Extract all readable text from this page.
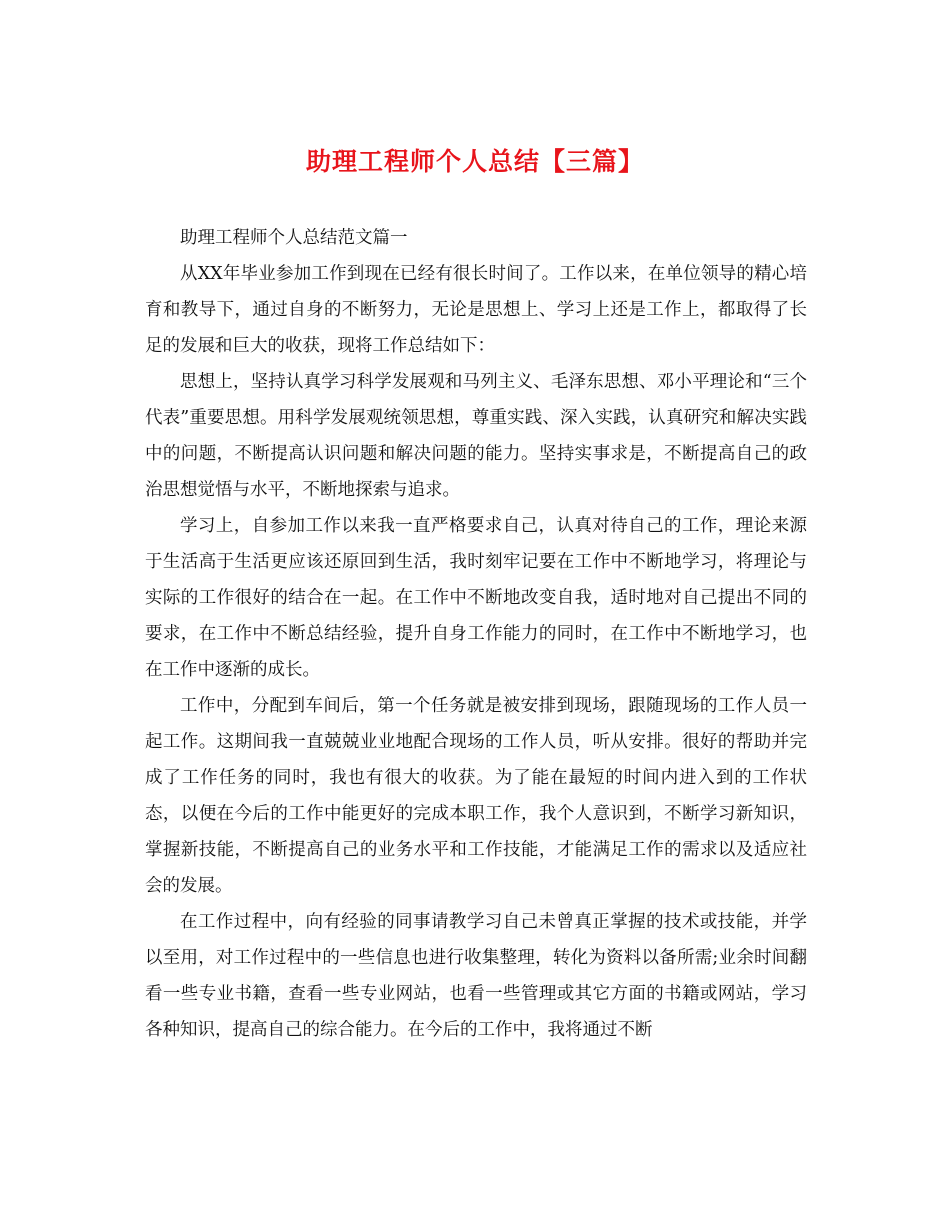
助理工程师个人总结【三篇】

助理工程师个人总结范文篇一

从XX年毕业参加工作到现在已经有很长时间了。工作以来，在单位领导的精心培育和教导下，通过自身的不断努力，无论是思想上、学习上还是工作上，都取得了长足的发展和巨大的收获，现将工作总结如下：

思想上，坚持认真学习科学发展观和马列主义、毛泽东思想、邓小平理论和“三个代表”重要思想。用科学发展观统领思想，尊重实践、深入实践，认真研究和解决实践中的问题，不断提高认识问题和解决问题的能力。坚持实事求是，不断提高自己的政治思想觉悟与水平，不断地探索与追求。

学习上，自参加工作以来我一直严格要求自己，认真对待自己的工作，理论来源于生活高于生活更应该还原回到生活，我时刻牢记要在工作中不断地学习，将理论与实际的工作很好的结合在一起。在工作中不断地改变自我，适时地对自己提出不同的要求，在工作中不断总结经验，提升自身工作能力的同时，在工作中不断地学习，也在工作中逐渐的成长。

工作中，分配到车间后，第一个任务就是被安排到现场，跟随现场的工作人员一起工作。这期间我一直兢兢业业地配合现场的工作人员，听从安排。很好的帮助并完成了工作任务的同时，我也有很大的收获。为了能在最短的时间内进入到的工作状态，以便在今后的工作中能更好的完成本职工作，我个人意识到，不断学习新知识，掌握新技能，不断提高自己的业务水平和工作技能，才能满足工作的需求以及适应社会的发展。

在工作过程中，向有经验的同事请教学习自己未曾真正掌握的技术或技能，并学以至用，对工作过程中的一些信息也进行收集整理，转化为资料以备所需;业余时间翻看一些专业书籍，查看一些专业网站，也看一些管理或其它方面的书籍或网站，学习各种知识，提高自己的综合能力。在今后的工作中，我将通过不断
